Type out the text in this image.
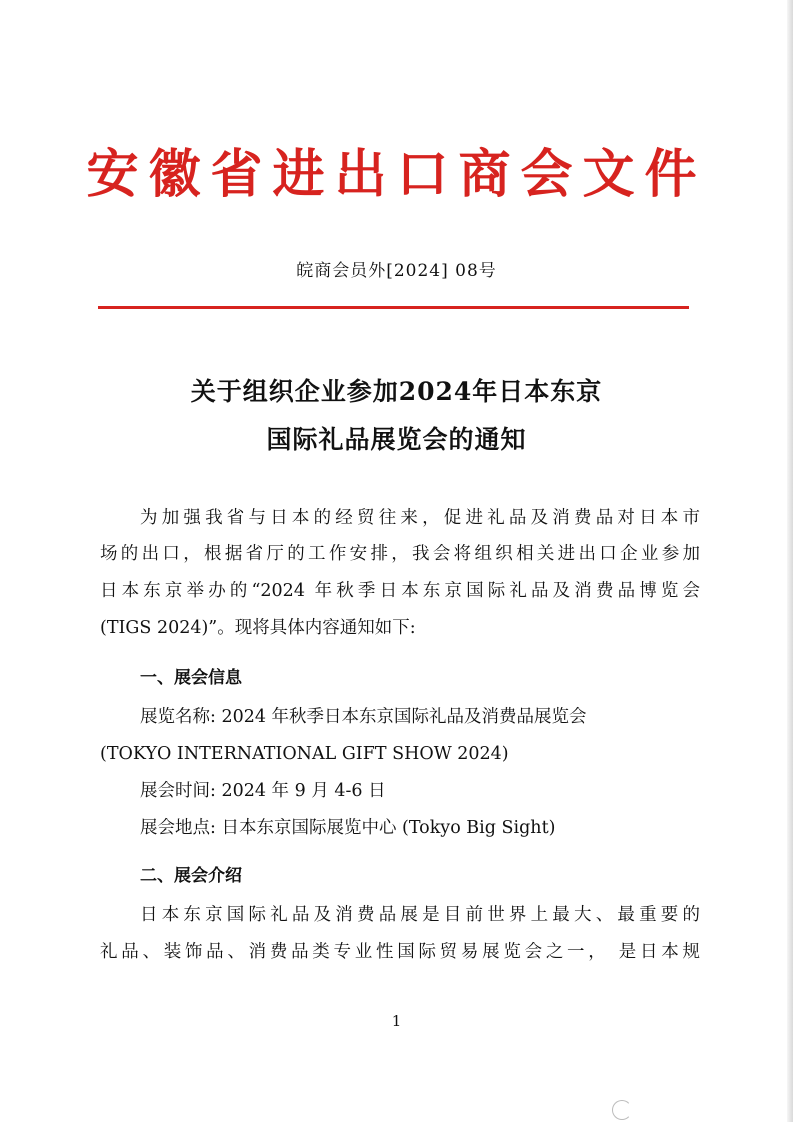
安徽省进出口商会文件
皖商会员外[2024] 08号
关于组织企业参加2024年日本东京
国际礼品展览会的通知
为加强我省与日本的经贸往来，促进礼品及消费品对日本市
场的出口，根据省厅的工作安排，我会将组织相关进出口企业参加
日本东京举办的“2024 年秋季日本东京国际礼品及消费品博览会
(TIGS 2024)”。现将具体内容通知如下:
一、展会信息
展览名称: 2024 年秋季日本东京国际礼品及消费品展览会
(TOKYO INTERNATIONAL GIFT SHOW 2024)
展会时间: 2024 年 9 月 4-6 日
展会地点: 日本东京国际展览中心 (Tokyo Big Sight)
二、展会介绍
日本东京国际礼品及消费品展是目前世界上最大、最重要的
礼品、装饰品、消费品类专业性国际贸易展览会之一， 是日本规
1
